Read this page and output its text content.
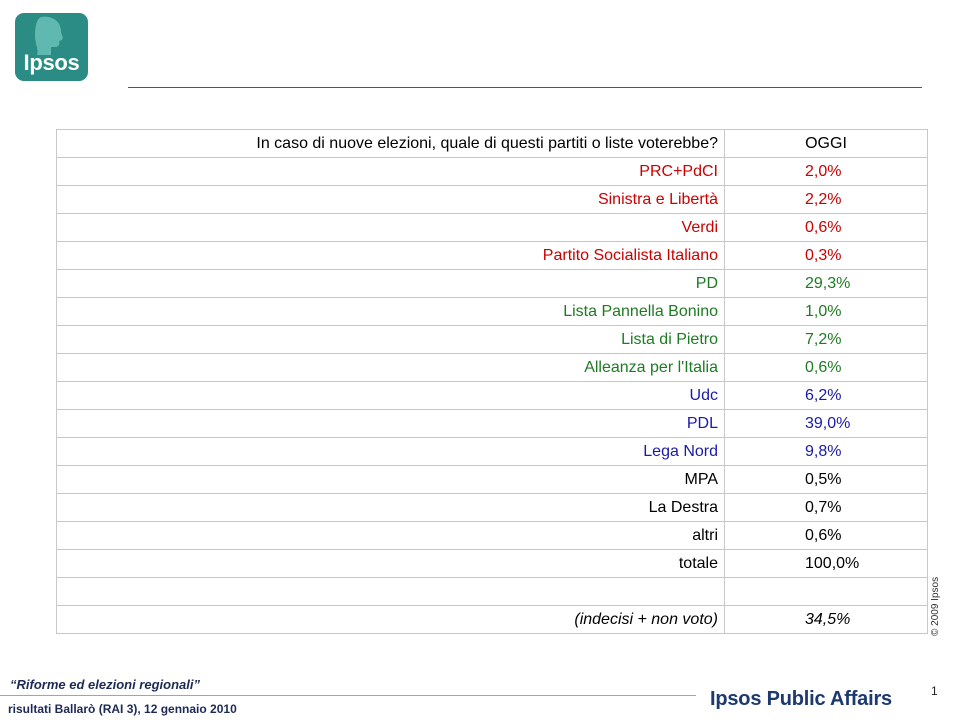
Ipsos
In caso di nuove elezioni, quale di questi partiti o liste voterebbe?	OGGI
PRC+PdCI	2,0%
Sinistra e Libertà	2,2%
Verdi	0,6%
Partito Socialista Italiano	0,3%
PD	29,3%
Lista Pannella Bonino	1,0%
Lista di Pietro	7,2%
Alleanza per l'Italia	0,6%
Udc	6,2%
PDL	39,0%
Lega Nord	9,8%
MPA	0,5%
La Destra	0,7%
altri	0,6%
totale	100,0%

(indecisi + non voto)	34,5%	© 2009 Ipsos
“Riforme ed elezioni regionali”
risultati Ballarò (RAI 3), 12 gennaio 2010	Ipsos Public Affairs	1
